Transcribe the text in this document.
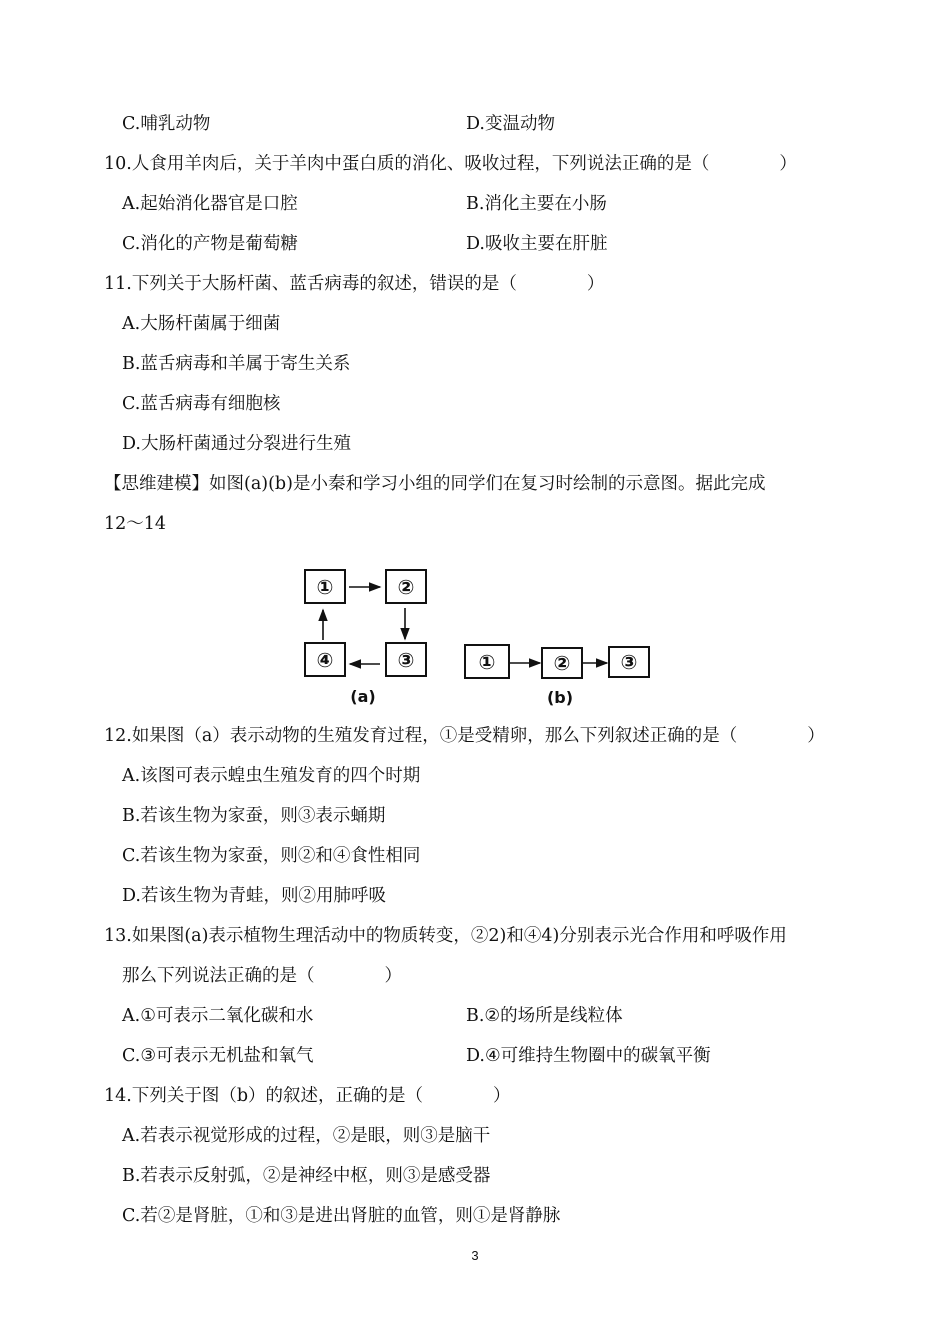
C.哺乳动物	D.变温动物
10.人食用羊肉后，关于羊肉中蛋白质的消化、吸收过程，下列说法正确的是（　　　　）
A.起始消化器官是口腔	B.消化主要在小肠
C.消化的产物是葡萄糖	D.吸收主要在肝脏
11.下列关于大肠杆菌、蓝舌病毒的叙述，错误的是（　　　　）
A.大肠杆菌属于细菌
B.蓝舌病毒和羊属于寄生关系
C.蓝舌病毒有细胞核
D.大肠杆菌通过分裂进行生殖
【思维建模】如图(a)(b)是小秦和学习小组的同学们在复习时绘制的示意图。据此完成
12～14
①	②
③
④	①	②	③
(a)	(b)
12.如果图（a）表示动物的生殖发育过程，①是受精卵，那么下列叙述正确的是（　　　　）
A.该图可表示蝗虫生殖发育的四个时期
B.若该生物为家蚕，则③表示蛹期
C.若该生物为家蚕，则②和④食性相同
D.若该生物为青蛙，则②用肺呼吸
13.如果图(a)表示植物生理活动中的物质转变，②2)和④4)分别表示光合作用和呼吸作用
那么下列说法正确的是（　　　　）
A.①可表示二氧化碳和水	B.②的场所是线粒体
C.③可表示无机盐和氧气	D.④可维持生物圈中的碳氧平衡
14.下列关于图（b）的叙述，正确的是（　　　　）
A.若表示视觉形成的过程，②是眼，则③是脑干
B.若表示反射弧，②是神经中枢，则③是感受器
C.若②是肾脏，①和③是进出肾脏的血管，则①是肾静脉
3
